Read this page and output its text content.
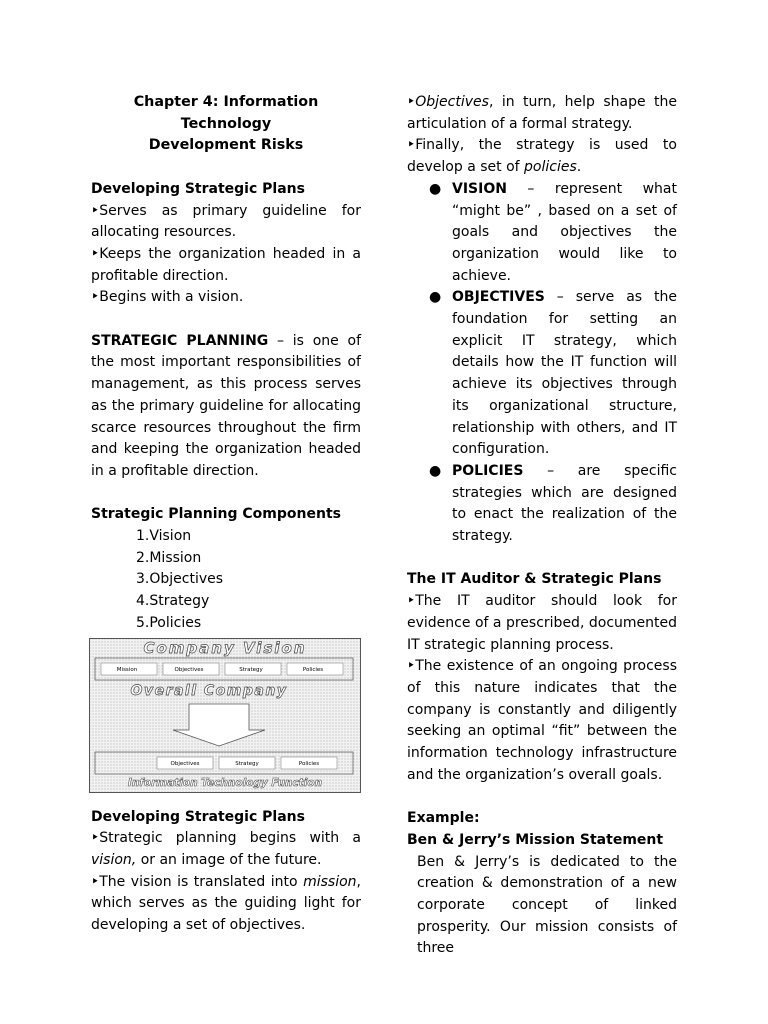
Chapter 4: Information Technology

Development Risks

Developing Strategic Plans

‣Serves as primary guideline for allocating resources.

‣Keeps the organization headed in a profitable direction.

‣Begins with a vision.

STRATEGIC PLANNING – is one of the most important responsibilities of management, as this process serves as the primary guideline for allocating scarce resources throughout the firm and keeping the organization headed in a profitable direction.

Strategic Planning Components

1.Vision

2.Mission

3.Objectives

4.Strategy

5.Policies

Company Vision
Mission	Objectives	Strategy	Policies
Overall Company
Objectives	Strategy	Policies
Information Technology Function

Developing Strategic Plans

‣Strategic planning begins with a vision, or an image of the future.

‣The vision is translated into mission, which serves as the guiding light for developing a set of objectives.

‣Objectives, in turn, help shape the articulation of a formal strategy.

‣Finally, the strategy is used to develop a set of policies.

● VISION – represent what “might be” , based on a set of goals and objectives the organization would like to achieve.

● OBJECTIVES – serve as the foundation for setting an explicit IT strategy, which details how the IT function will achieve its objectives through its organizational structure, relationship with others, and IT configuration.

● POLICIES – are specific strategies which are designed to enact the realization of the strategy.

The IT Auditor & Strategic Plans

‣The IT auditor should look for evidence of a prescribed, documented IT strategic planning process.

‣The existence of an ongoing process of this nature indicates that the company is constantly and diligently seeking an optimal “fit” between the information technology infrastructure and the organization’s overall goals.

Example:

Ben & Jerry’s Mission Statement

Ben & Jerry’s is dedicated to the creation & demonstration of a new corporate concept of linked prosperity. Our mission consists of three
